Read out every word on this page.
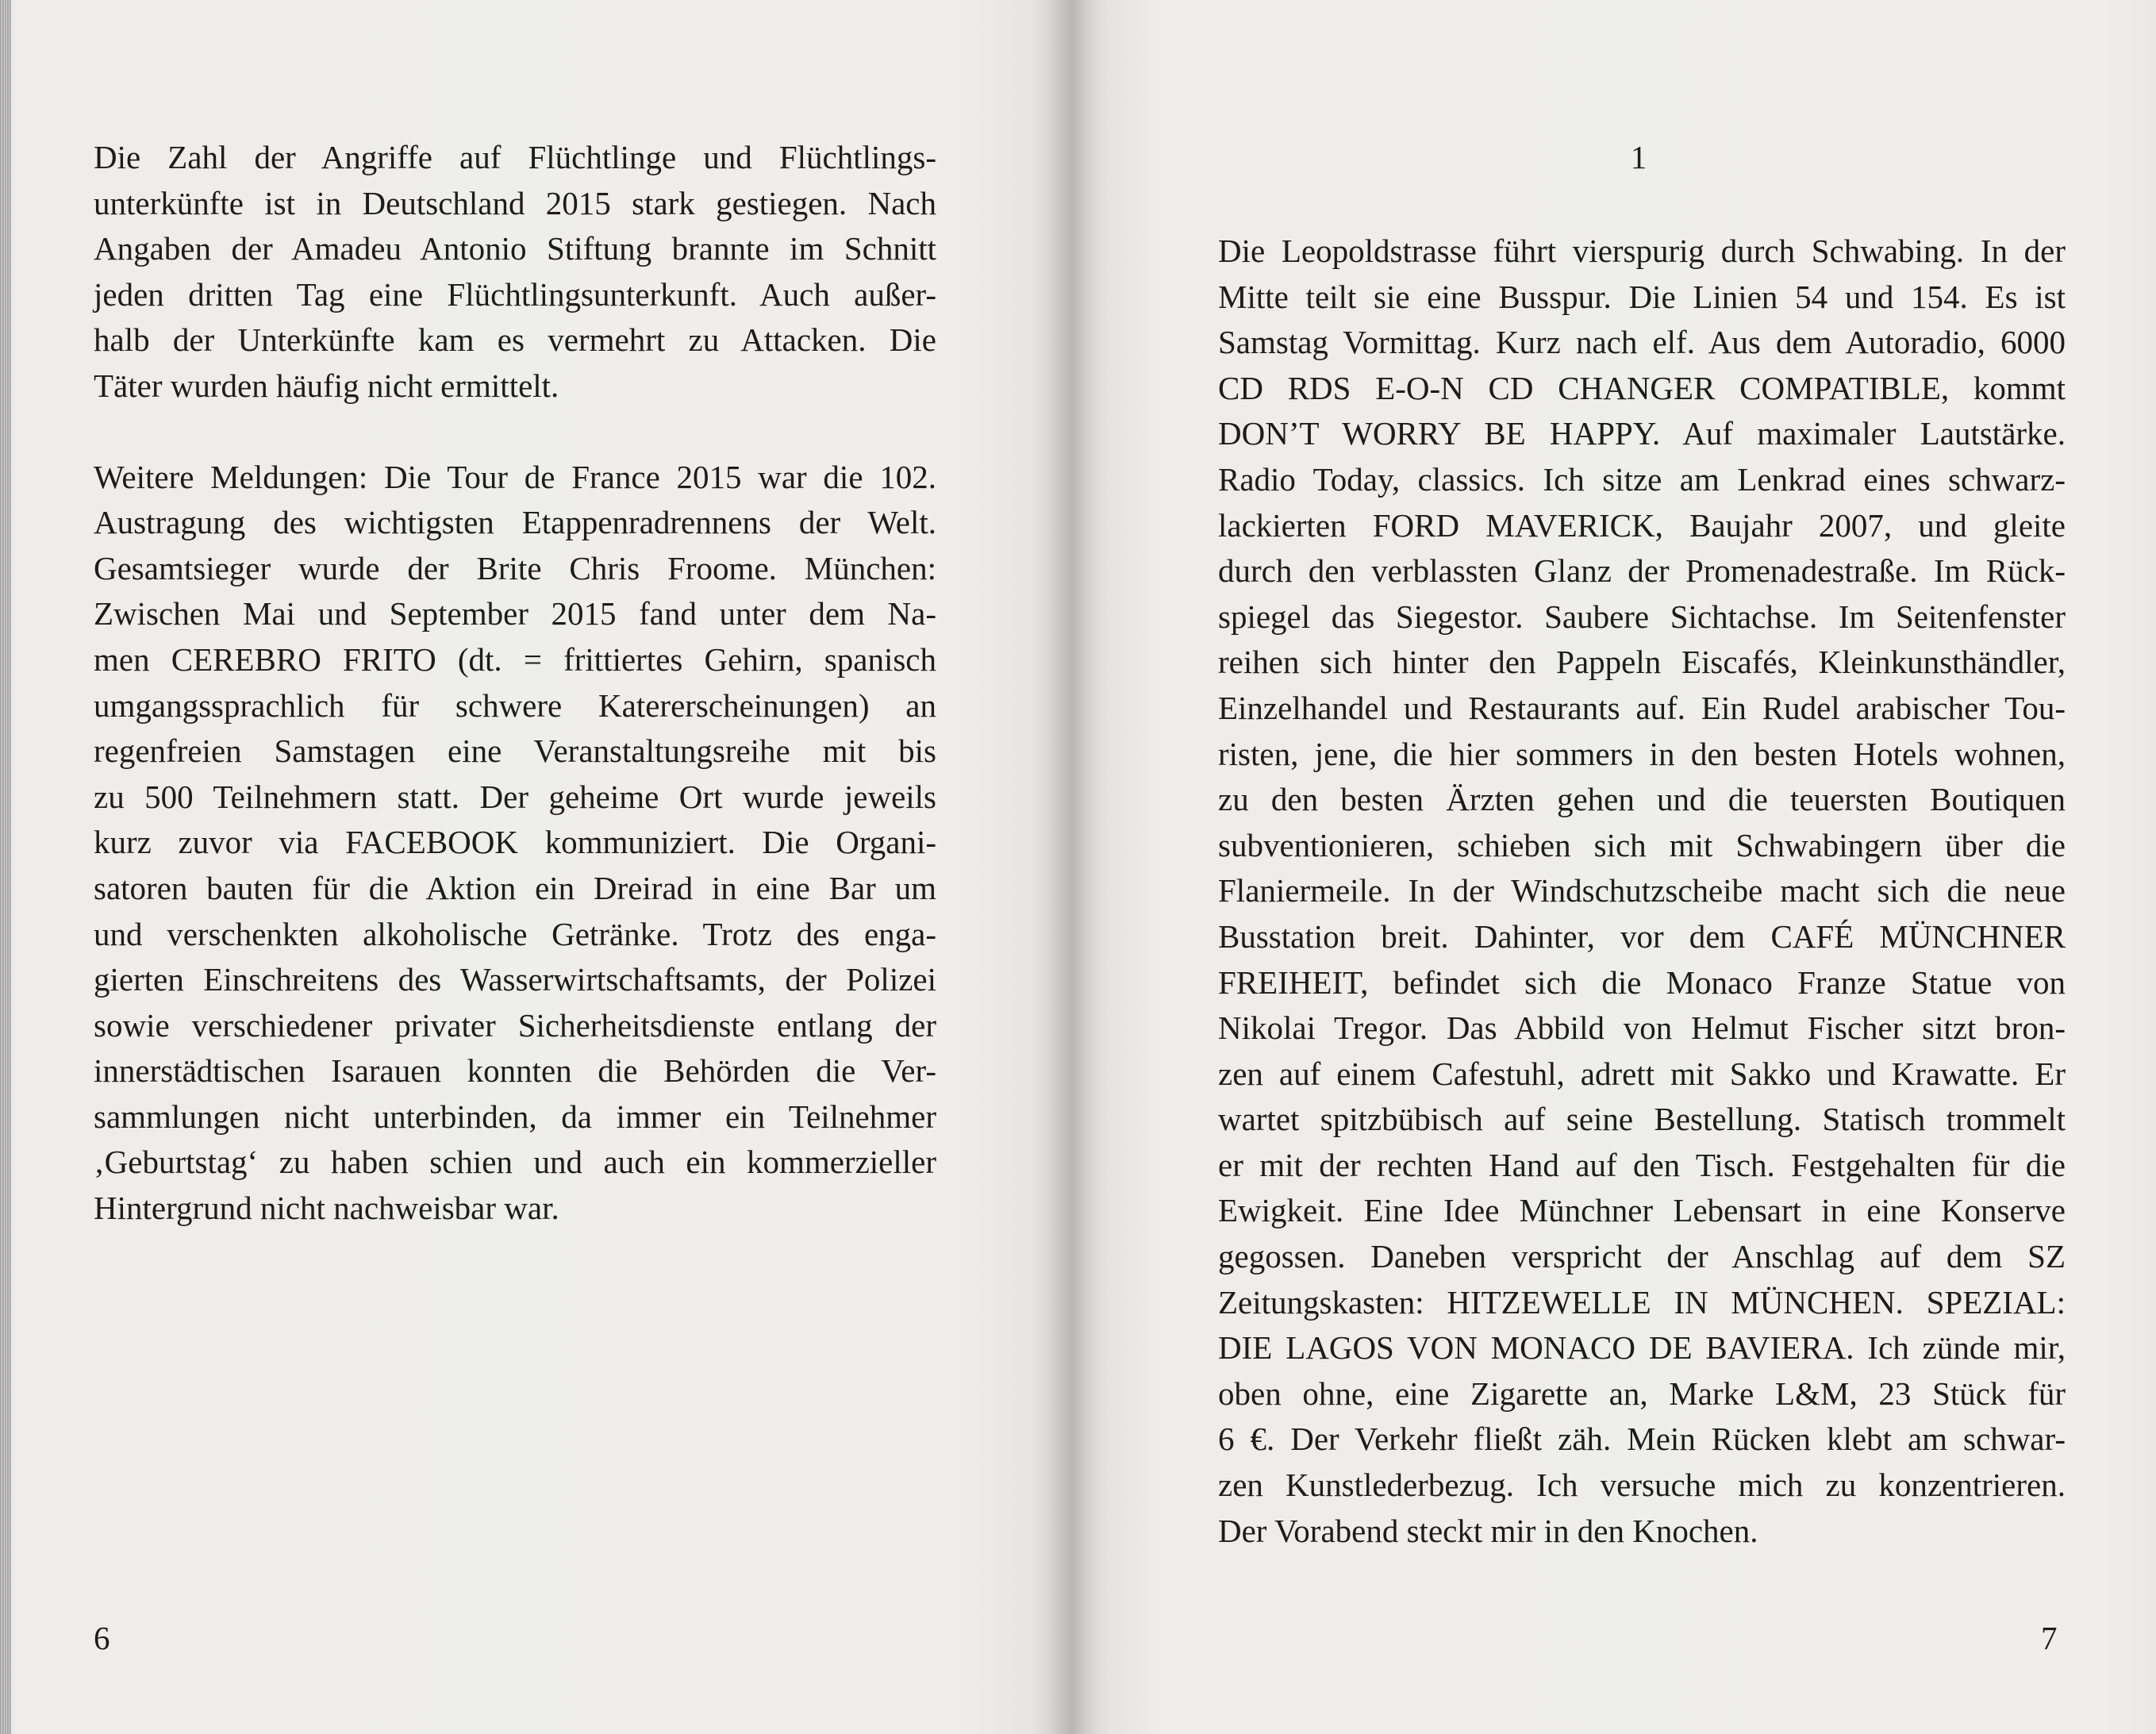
Die Zahl der Angriffe auf Flüchtlinge und Flüchtlings-
unterkünfte ist in Deutschland 2015 stark gestiegen. Nach
Angaben der Amadeu Antonio Stiftung brannte im Schnitt
jeden dritten Tag eine Flüchtlingsunterkunft. Auch außer-
halb der Unterkünfte kam es vermehrt zu Attacken. Die
Täter wurden häufig nicht ermittelt.
Weitere Meldungen: Die Tour de France 2015 war die 102.
Austragung des wichtigsten Etappenradrennens der Welt.
Gesamtsieger wurde der Brite Chris Froome. München:
Zwischen Mai und September 2015 fand unter dem Na-
men CEREBRO FRITO (dt. = frittiertes Gehirn, spanisch
umgangssprachlich für schwere Katererscheinungen) an
regenfreien Samstagen eine Veranstaltungsreihe mit bis
zu 500 Teilnehmern statt. Der geheime Ort wurde jeweils
kurz zuvor via FACEBOOK kommuniziert. Die Organi-
satoren bauten für die Aktion ein Dreirad in eine Bar um
und verschenkten alkoholische Getränke. Trotz des enga-
gierten Einschreitens des Wasserwirtschaftsamts, der Polizei
sowie verschiedener privater Sicherheitsdienste entlang der
innerstädtischen Isarauen konnten die Behörden die Ver-
sammlungen nicht unterbinden, da immer ein Teilnehmer
‚Geburtstag‘ zu haben schien und auch ein kommerzieller
Hintergrund nicht nachweisbar war.
6
1
Die Leopoldstrasse führt vierspurig durch Schwabing. In der
Mitte teilt sie eine Busspur. Die Linien 54 und 154. Es ist
Samstag Vormittag. Kurz nach elf. Aus dem Autoradio, 6000
CD RDS E-O-N CD CHANGER COMPATIBLE, kommt
DON’T WORRY BE HAPPY. Auf maximaler Lautstärke.
Radio Today, classics. Ich sitze am Lenkrad eines schwarz-
lackierten FORD MAVERICK, Baujahr 2007, und gleite
durch den verblassten Glanz der Promenadestraße. Im Rück-
spiegel das Siegestor. Saubere Sichtachse. Im Seitenfenster
reihen sich hinter den Pappeln Eiscafés, Kleinkunsthändler,
Einzelhandel und Restaurants auf. Ein Rudel arabischer Tou-
risten, jene, die hier sommers in den besten Hotels wohnen,
zu den besten Ärzten gehen und die teuersten Boutiquen
subventionieren, schieben sich mit Schwabingern über die
Flaniermeile. In der Windschutzscheibe macht sich die neue
Busstation breit. Dahinter, vor dem CAFÉ MÜNCHNER
FREIHEIT, befindet sich die Monaco Franze Statue von
Nikolai Tregor. Das Abbild von Helmut Fischer sitzt bron-
zen auf einem Cafestuhl, adrett mit Sakko und Krawatte. Er
wartet spitzbübisch auf seine Bestellung. Statisch trommelt
er mit der rechten Hand auf den Tisch. Festgehalten für die
Ewigkeit. Eine Idee Münchner Lebensart in eine Konserve
gegossen. Daneben verspricht der Anschlag auf dem SZ
Zeitungskasten: HITZEWELLE IN MÜNCHEN. SPEZIAL:
DIE LAGOS VON MONACO DE BAVIERA. Ich zünde mir,
oben ohne, eine Zigarette an, Marke L&M, 23 Stück für
6 €. Der Verkehr fließt zäh. Mein Rücken klebt am schwar-
zen Kunstlederbezug. Ich versuche mich zu konzentrieren.
Der Vorabend steckt mir in den Knochen.
7
